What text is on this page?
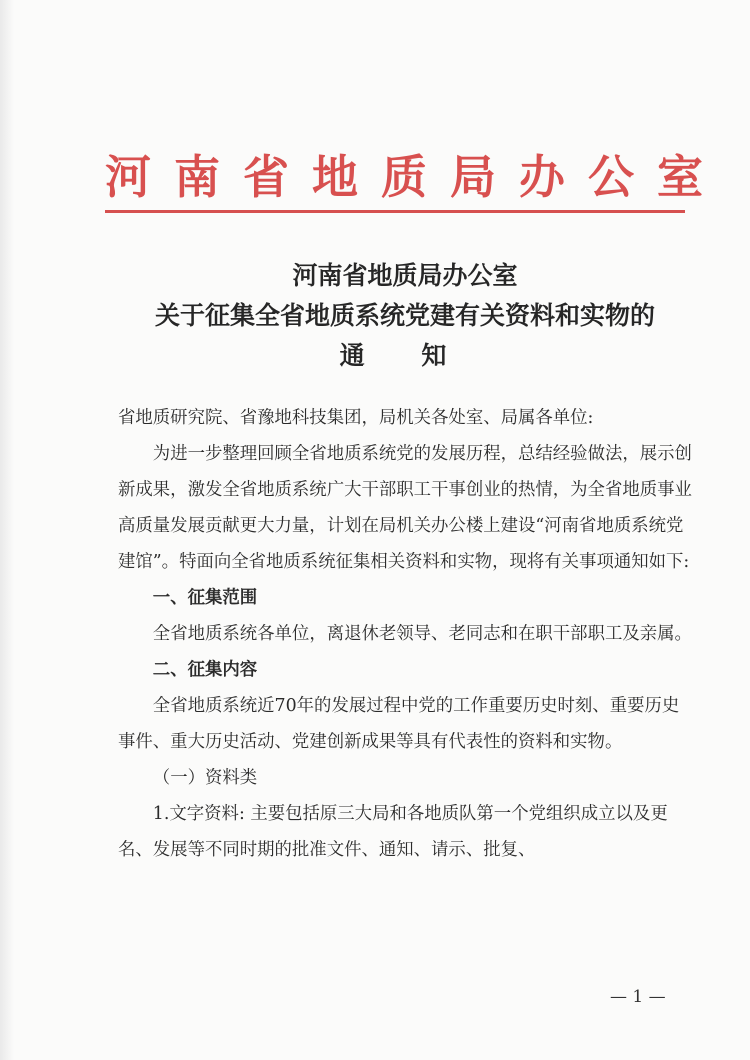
河南省地质局办公室
河南省地质局办公室
关于征集全省地质系统党建有关资料和实物的
通 知

省地质研究院、省豫地科技集团，局机关各处室、局属各单位:

为进一步整理回顾全省地质系统党的发展历程，总结经验做法，展示创新成果，激发全省地质系统广大干部职工干事创业的热情，为全省地质事业高质量发展贡献更大力量，计划在局机关办公楼上建设“河南省地质系统党建馆”。特面向全省地质系统征集相关资料和实物，现将有关事项通知如下:

一、征集范围

全省地质系统各单位，离退休老领导、老同志和在职干部职工及亲属。

二、征集内容

全省地质系统近70年的发展过程中党的工作重要历史时刻、重要历史事件、重大历史活动、党建创新成果等具有代表性的资料和实物。

（一）资料类

1.文字资料: 主要包括原三大局和各地质队第一个党组织成立以及更名、发展等不同时期的批准文件、通知、请示、批复、

— 1 —
